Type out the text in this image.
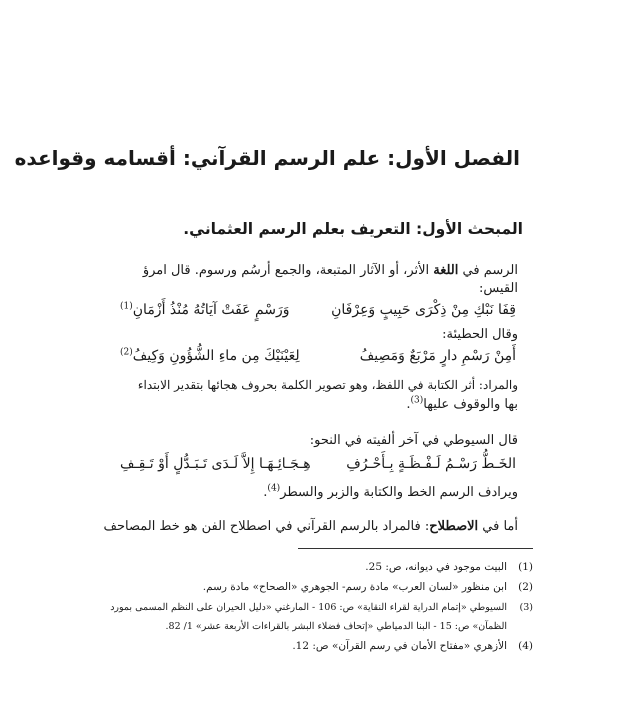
الفصل الأول: علم الرسم القرآني: أقسامه وقواعده
المبحث الأول: التعريف بعلم الرسم العثماني.
الرسم في اللغة الأثر، أو الآثار المتبعة، والجمع أرسُم ورسوم. قال امرؤ
القيس:
قِفَا نَبْكِ مِنْ ذِكْرَى حَبِيبٍ وَعِرْفَانِ
وَرَسْمٍ عَفَتْ آيَاتُهُ مُنْذُ أَزْمَانِ$^{(1)}$
وقال الحطيئة:
أَمِنْ رَسْمِ دارٍ مَرْبَعٌ وَمَصِيفُ
لِعَيْنَيْكَ مِن ماءِ الشُّؤُونِ وَكِيفُ$^{(2)}$
والمراد: أثر الكتابة في اللفظ، وهو تصوير الكلمة بحروف هجائها بتقدير الابتداء
بها والوقوف عليها$^{(3)}$.
قال السيوطي في آخر ألفيته في النحو:
الخَـطُّ رَسْـمُ لَـفْـظَـةٍ بِـأَحْـرُفِ
هِـجَـائِـهَـا إِلاَّ لَـدَى تَـبَـدُّلٍ أَوْ تَـقِـفِ
ويرادف الرسم الخط والكتابة والزبر والسطر$^{(4)}$.
أما في الاصطلاح: فالمراد بالرسم القرآني في اصطلاح الفن هو خط المصاحف
(1)البيت موجود في ديوانه، ص: 25.
(2)ابن منظور «لسان العرب» مادة رسم- الجوهري «الصحاح» مادة رسم.
(3)السيوطي «إتمام الدراية لقراء النقاية» ص: 106 - المارغني «دليل الحيران على النظم المسمى بمورد
الظمآن» ص: 15 - البنا الدمياطي «إتحاف فضلاء البشر بالقراءات الأربعة عشر» 1/ 82.
(4)الأزهري «مفتاح الأمان في رسم القرآن» ص: 12.
